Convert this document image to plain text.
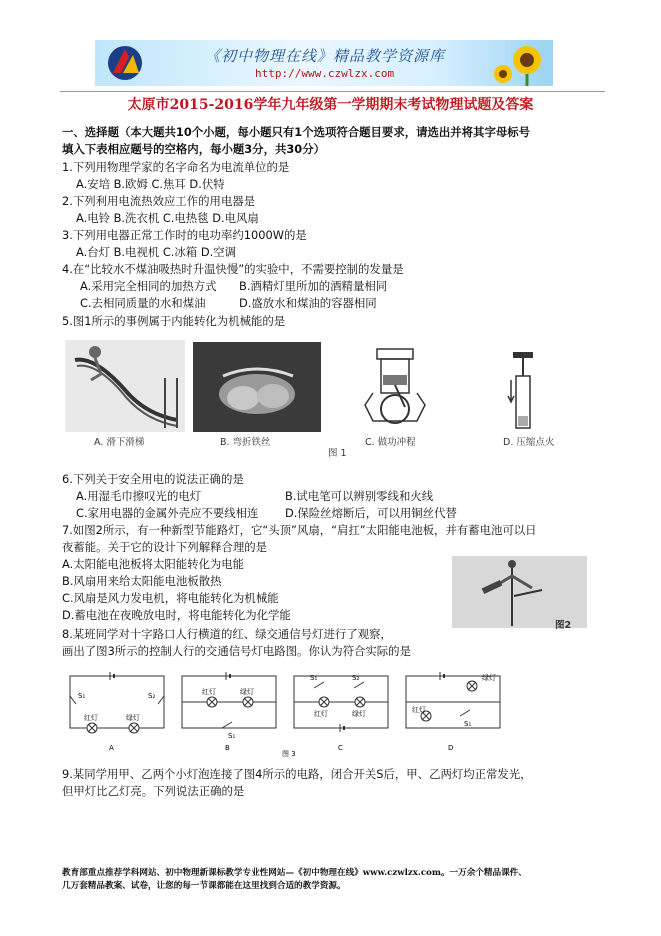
《初中物理在线》精品教学资源库
http://www.czwlzx.com
太原市2015-2016学年九年级第一学期期末考试物理试题及答案
一、选择题（本大题共10个小题，每小题只有1个选项符合题目要求，请选出并将其字母标号
填入下表相应题号的空格内，每小题3分，共30分）
1.下列用物理学家的名字命名为电流单位的是
A.安培 B.欧姆 C.焦耳 D.伏特
2.下列利用电流热效应工作的用电器是
A.电铃 B.洗衣机 C.电热毯 D.电风扇
3.下列用电器正常工作时的电功率约1000W的是
A.台灯 B.电视机 C.冰箱 D.空调
4.在“比较水不煤油吸热时升温快慢”的实验中，不需要控制的发量是
A.采用完全相同的加热方式 B.酒精灯里所加的酒精量相同
C.去相同质量的水和煤油	D.盛放水和煤油的容器相同
5.图1所示的事例属于内能转化为机械能的是
A. 滑下滑梯	B. 弯折铁丝	C. 做功冲程
图 1
D. 压缩点火
6.下列关于安全用电的说法正确的是
A.用湿毛巾擦叹光的电灯	B.试电笔可以辨别零线和火线
C.家用电器的金属外壳应不要线相连 D.保险丝熔断后，可以用铜丝代替
7.如图2所示，有一种新型节能路灯，它“头顶”风扇，“肩扛”太阳能电池板，并有蓄电池可以日
夜蓄能。关于它的设计下列解释合理的是
A.太阳能电池板将太阳能转化为电能
B.风扇用来给太阳能电池板散热
C.风扇是风力发电机，将电能转化为机械能
D.蓄电池在夜晚放电时，将电能转化为化学能
图2
8.某班同学对十字路口人行横道的红、绿交通信号灯进行了观察，
画出了图3所示的控制人行的交通信号灯电路图。你认为符合实际的是
S₁	S₂
红灯	绿灯
A
红灯	绿灯
S₁
B
S₁	S₂
红灯	绿灯
C
绿灯
红灯
S₁
D
图 3
9.某同学用甲、乙两个小灯泡连接了图4所示的电路，闭合开关S后，甲、乙两灯均正常发光，
但甲灯比乙灯亮。下列说法正确的是
教育部重点推荐学科网站、初中物理新课标教学专业性网站—《初中物理在线》www.czwlzx.com。一万余个精品课件、
几万套精品教案、试卷，让您的每一节课都能在这里找到合适的教学资源。
